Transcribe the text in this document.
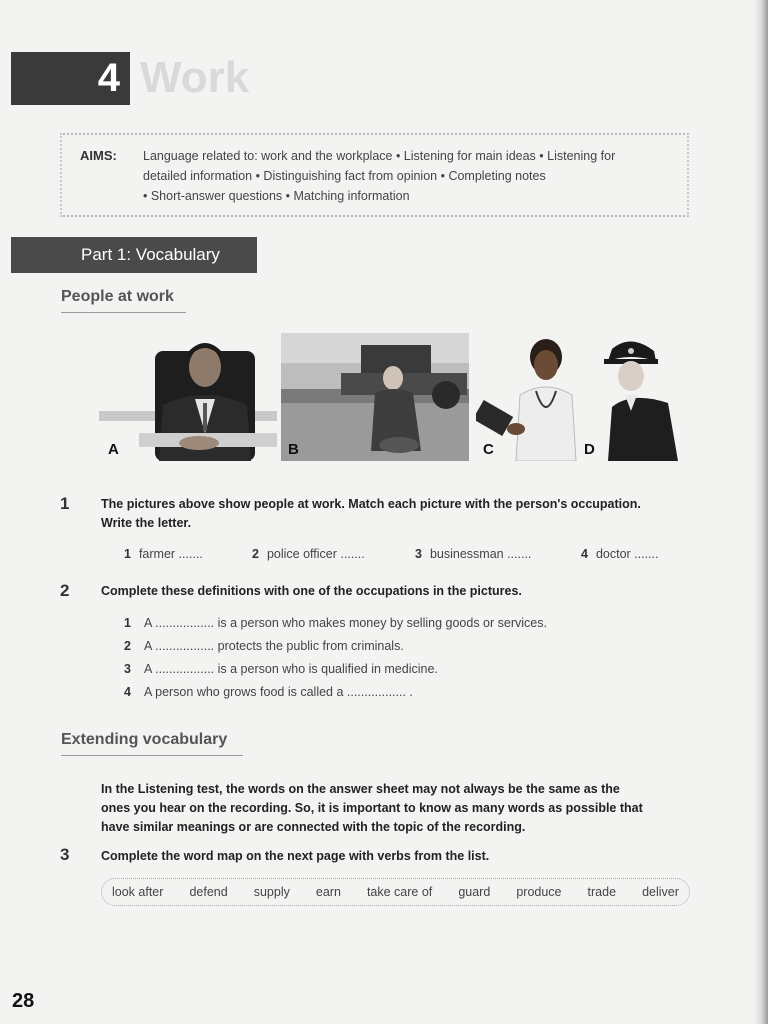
4 Work
AIMS: Language related to: work and the workplace • Listening for main ideas • Listening for
detailed information • Distinguishing fact from opinion • Completing notes
• Short-answer questions • Matching information
Part 1: Vocabulary
People at work
A	B	C	D
1	The pictures above show people at work. Match each picture with the person's occupation.
Write the letter.
1 farmer .......	2 police officer .......	3 businessman .......	4 doctor .......
2	Complete these definitions with one of the occupations in the pictures.
1 A ................. is a person who makes money by selling goods or services.
2 A ................. protects the public from criminals.
3 A ................. is a person who is qualified in medicine.
4 A person who grows food is called a ................. .
Extending vocabulary
In the Listening test, the words on the answer sheet may not always be the same as the
ones you hear on the recording. So, it is important to know as many words as possible that
have similar meanings or are connected with the topic of the recording.
3	Complete the word map on the next page with verbs from the list.
look after defend supply earn take care of guard produce trade deliver
28
